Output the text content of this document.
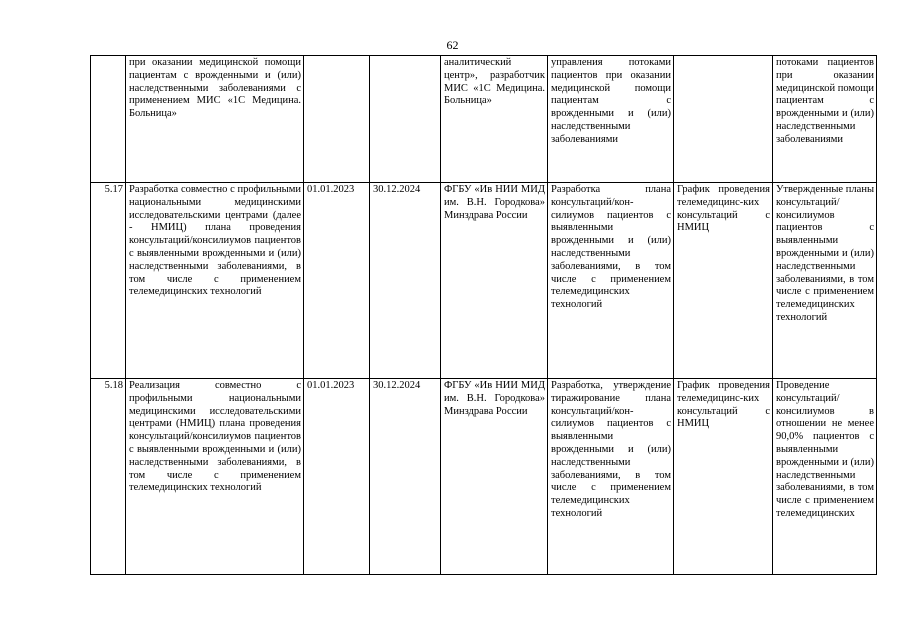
62
	при оказании медицинской помощи пациентам с врожденными и (или) наследственными заболеваниями с применением МИС «1С Медицина. Больница»			аналитический центр», разработчик МИС «1С Медицина. Больница»	управления потоками пациентов при оказании медицинской помощи пациентам с врожденными и (или) наследственными заболеваниями		потоками пациентов при оказании медицинской помощи пациентам с врожденными и (или) наследственными заболеваниями
5.17	Разработка совместно с профильными национальными медицинскими исследовательскими центрами (далее - НМИЦ) плана проведения консультаций/консилиумов пациентов с выявленными врожденными и (или) наследственными заболеваниями, в том числе с применением телемедицинских технологий	01.01.2023	30.12.2024	ФГБУ «Ив НИИ МИД им. В.Н. Городкова» Минздрава России	Разработка плана консультаций/кон-силиумов пациентов с выявленными врожденными и (или) наследственными заболеваниями, в том числе с применением телемедицинских технологий	График проведения телемедицинс-ких консультаций с НМИЦ	Утвержденные планы консультаций/ консилиумов пациентов с выявленными врожденными и (или) наследственными заболеваниями, в том числе с применением телемедицинских технологий
5.18	Реализация совместно с профильными национальными медицинскими исследовательскими центрами (НМИЦ) плана проведения консультаций/консилиумов пациентов с выявленными врожденными и (или) наследственными заболеваниями, в том числе с применением телемедицинских технологий	01.01.2023	30.12.2024	ФГБУ «Ив НИИ МИД им. В.Н. Городкова» Минздрава России	Разработка, утверждение тиражирование плана консультаций/кон-силиумов пациентов с выявленными врожденными и (или) наследственными заболеваниями, в том числе с применением телемедицинских технологий	График проведения телемедицинс-ких консультаций с НМИЦ	Проведение консультаций/ консилиумов в отношении не менее 90,0% пациентов с выявленными врожденными и (или) наследственными заболеваниями, в том числе с применением телемедицинских
